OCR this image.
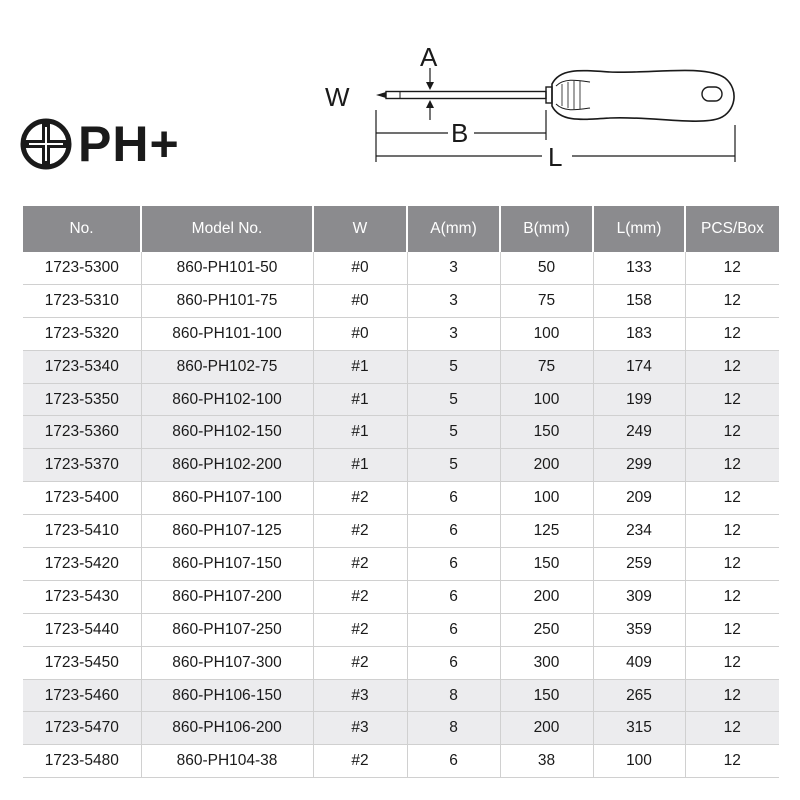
PH+
A
W
B
L
No.	Model No.	W	A(mm)	B(mm)	L(mm)	PCS/Box
1723-5300	860-PH101-50	#0	3	50	133	12
1723-5310	860-PH101-75	#0	3	75	158	12
1723-5320	860-PH101-100	#0	3	100	183	12
1723-5340	860-PH102-75	#1	5	75	174	12
1723-5350	860-PH102-100	#1	5	100	199	12
1723-5360	860-PH102-150	#1	5	150	249	12
1723-5370	860-PH102-200	#1	5	200	299	12
1723-5400	860-PH107-100	#2	6	100	209	12
1723-5410	860-PH107-125	#2	6	125	234	12
1723-5420	860-PH107-150	#2	6	150	259	12
1723-5430	860-PH107-200	#2	6	200	309	12
1723-5440	860-PH107-250	#2	6	250	359	12
1723-5450	860-PH107-300	#2	6	300	409	12
1723-5460	860-PH106-150	#3	8	150	265	12
1723-5470	860-PH106-200	#3	8	200	315	12
1723-5480	860-PH104-38	#2	6	38	100	12
